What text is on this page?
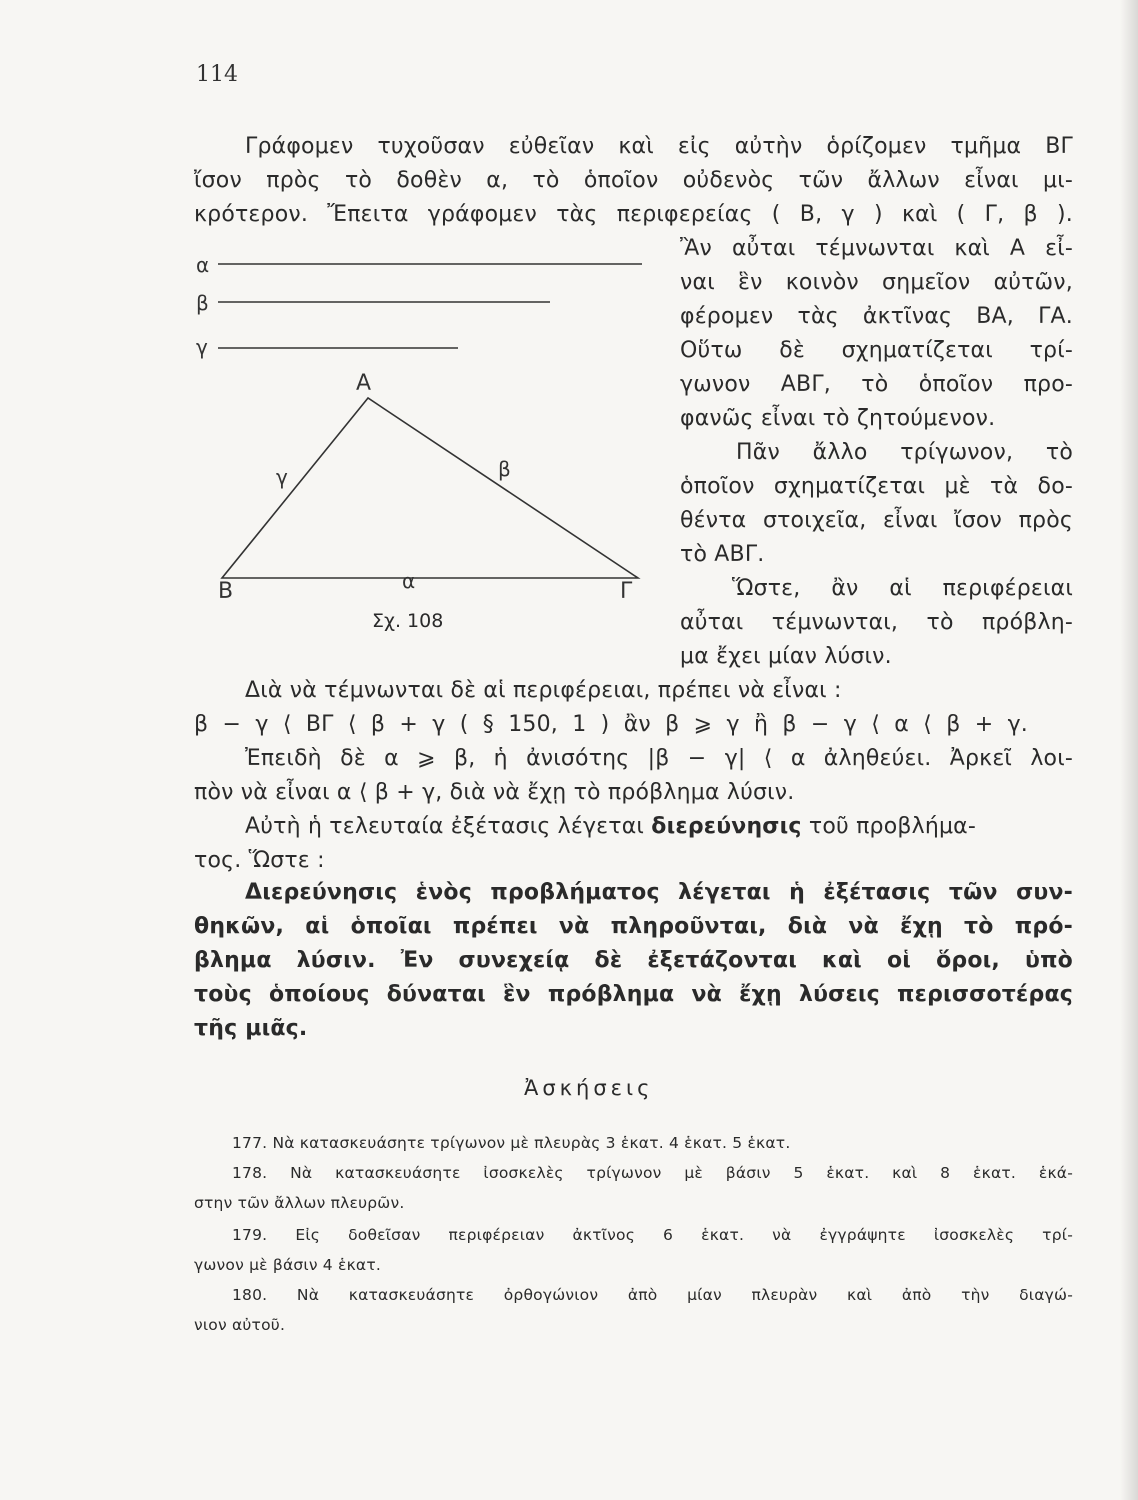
114
Γράφομεν τυχοῦσαν εὐθεῖαν καὶ εἰς αὐτὴν ὁρίζομεν τμῆμα ΒΓ
ἴσον πρὸς τὸ δοθὲν α, τὸ ὁποῖον οὐδενὸς τῶν ἄλλων εἶναι μι-
κρότερον. Ἔπειτα γράφομεν τὰς περιφερείας ( Β, γ ) καὶ ( Γ, β ).
Ἂν αὖται τέμνωνται καὶ Α εἶ-
ναι ἓν κοινὸν σημεῖον αὐτῶν,
φέρομεν τὰς ἀκτῖνας ΒΑ, ΓΑ.
Οὕτω δὲ σχηματίζεται τρί-
γωνον ΑΒΓ, τὸ ὁποῖον προ-
φανῶς εἶναι τὸ ζητούμενον.
Πᾶν ἄλλο τρίγωνον, τὸ
ὁποῖον σχηματίζεται μὲ τὰ δο-
θέντα στοιχεῖα, εἶναι ἴσον πρὸς
τὸ ΑΒΓ.
Ὥστε, ἂν αἱ περιφέρειαι
αὖται τέμνωνται, τὸ πρόβλη-
μα ἔχει μίαν λύσιν.
α
β
γ
Α
Β	Γ
γ	β
α
Σχ. 108
Διὰ νὰ τέμνωνται δὲ αἱ περιφέρειαι, πρέπει νὰ εἶναι :
β − γ ⟨ ΒΓ ⟨ β + γ ( § 150, 1 ) ἂν β ⩾ γ ἢ β − γ ⟨ α ⟨ β + γ.
Ἐπειδὴ δὲ α ⩾ β, ἡ ἀνισότης |β − γ| ⟨ α ἀληθεύει. Ἀρκεῖ λοι-
πὸν νὰ εἶναι α ⟨ β + γ, διὰ νὰ ἔχῃ τὸ πρόβλημα λύσιν.
Αὐτὴ ἡ τελευταία ἐξέτασις λέγεται διερεύνησις τοῦ προβλήμα-
τος. Ὥστε :
Διερεύνησις ἑνὸς προβλήματος λέγεται ἡ ἐξέτασις τῶν συν-
θηκῶν, αἱ ὁποῖαι πρέπει νὰ πληροῦνται, διὰ νὰ ἔχῃ τὸ πρό-
βλημα λύσιν. Ἐν συνεχείᾳ δὲ ἐξετάζονται καὶ οἱ ὅροι, ὑπὸ
τοὺς ὁποίους δύναται ἓν πρόβλημα νὰ ἔχῃ λύσεις περισσοτέρας
τῆς μιᾶς.
Ἀσκήσεις
177. Νὰ κατασκευάσητε τρίγωνον μὲ πλευρὰς 3 ἑκατ. 4 ἑκατ. 5 ἑκατ.
178. Νὰ κατασκευάσητε ἰσοσκελὲς τρίγωνον μὲ βάσιν 5 ἑκατ. καὶ 8 ἑκατ. ἑκά-
στην τῶν ἄλλων πλευρῶν.
179. Εἰς δοθεῖσαν περιφέρειαν ἀκτῖνος 6 ἑκατ. νὰ ἐγγράψητε ἰσοσκελὲς τρί-
γωνον μὲ βάσιν 4 ἑκατ.
180. Νὰ κατασκευάσητε ὀρθογώνιον ἀπὸ μίαν πλευρὰν καὶ ἀπὸ τὴν διαγώ-
νιον αὐτοῦ.
